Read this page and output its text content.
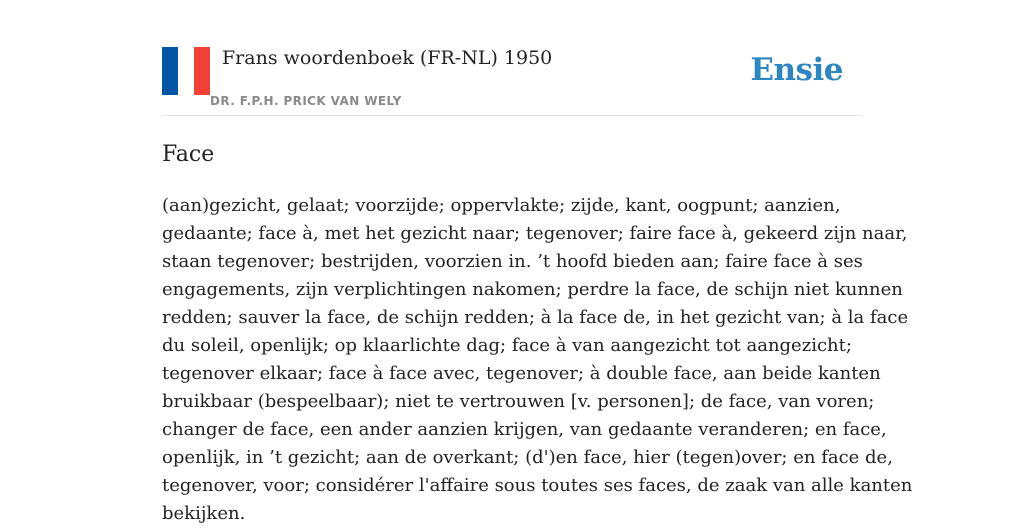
Frans woordenboek (FR-NL) 1950
DR. F.P.H. PRICK VAN WELY
Ensie
Face
(aan)gezicht, gelaat; voorzijde; oppervlakte; zijde, kant, oogpunt; aanzien,
gedaante; face à, met het gezicht naar; tegenover; faire face à, gekeerd zijn naar,
staan tegenover; bestrijden, voorzien in. ’t hoofd bieden aan; faire face à ses
engagements, zijn verplichtingen nakomen; perdre la face, de schijn niet kunnen
redden; sauver la face, de schijn redden; à la face de, in het gezicht van; à la face
du soleil, openlijk; op klaarlichte dag; face à van aangezicht tot aangezicht;
tegenover elkaar; face à face avec, tegenover; à double face, aan beide kanten
bruikbaar (bespeelbaar); niet te vertrouwen [v. personen]; de face, van voren;
changer de face, een ander aanzien krijgen, van gedaante veranderen; en face,
openlijk, in ’t gezicht; aan de overkant; (d')en face, hier (tegen)over; en face de,
tegenover, voor; considérer l'affaire sous toutes ses faces, de zaak van alle kanten
bekijken.
